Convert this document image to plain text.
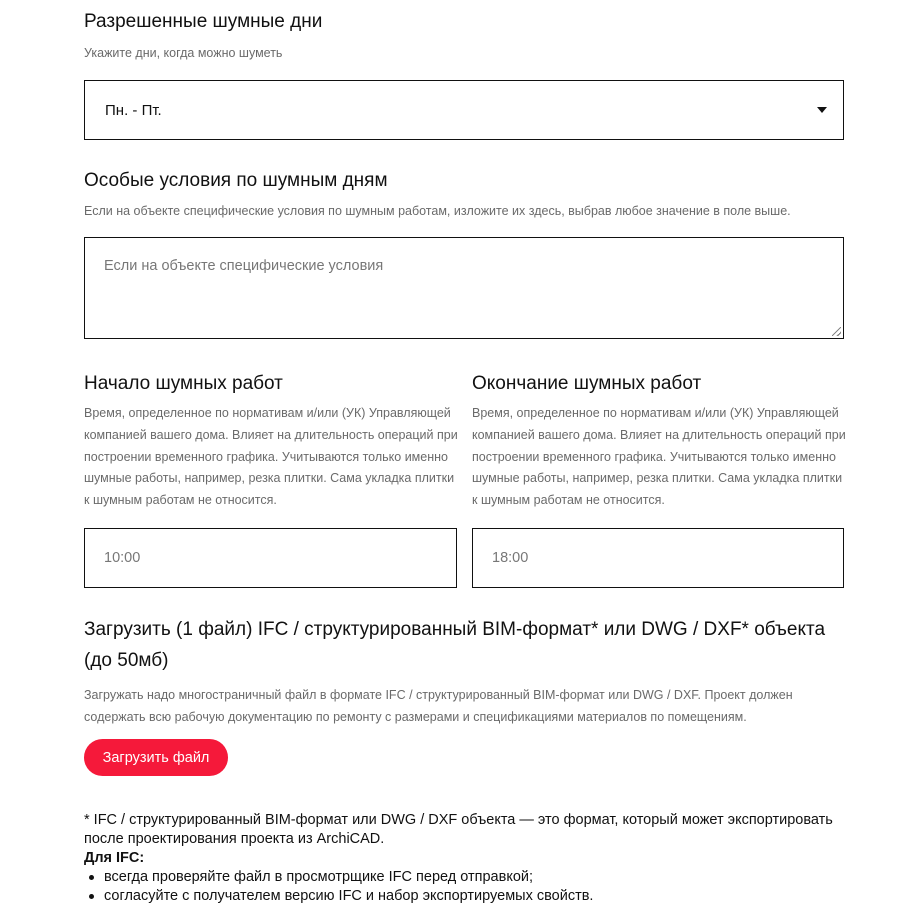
Разрешенные шумные дни

Укажите дни, когда можно шуметь

Пн. - Пт.
Особые условия по шумным дням

Если на объекте специфические условия по шумным работам, изложите их здесь, выбрав любое значение в поле выше.

Если на объекте специфические условия
Начало шумных работ

Время, определенное по нормативам и/или (УК) Управляющей компанией вашего дома. Влияет на длительность операций при построении временного графика. Учитываются только именно шумные работы, например, резка плитки. Сама укладка плитки к шумным работам не относится.

Окончание шумных работ

Время, определенное по нормативам и/или (УК) Управляющей компанией вашего дома. Влияет на длительность операций при построении временного графика. Учитываются только именно шумные работы, например, резка плитки. Сама укладка плитки к шумным работам не относится.

10:00
18:00
Загрузить (1 файл) IFC / структурированный BIM-формат* или DWG / DXF* объекта (до 50мб)

Загружать надо многостраничный файл в формате IFC / структурированный BIM-формат или DWG / DXF. Проект должен содержать всю рабочую документацию по ремонту с размерами и спецификациями материалов по помещениям.

Загрузить файл

* IFC / структурированный BIM-формат или DWG / DXF объекта — это формат, который может экспортировать после проектирования проекта из ArchiCAD.

Для IFC:

всегда проверяйте файл в просмотрщике IFC перед отправкой;
согласуйте с получателем версию IFC и набор экспортируемых свойств.
